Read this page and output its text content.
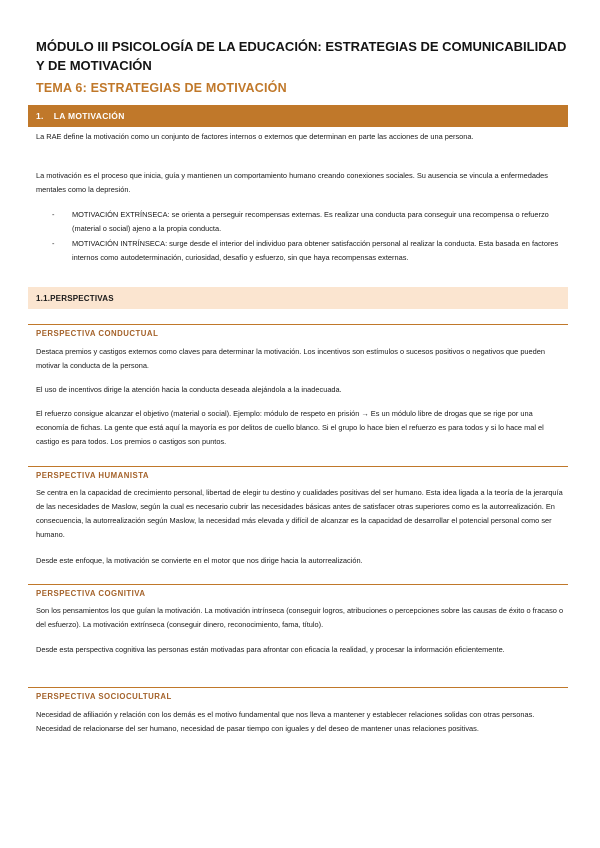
MÓDULO III PSICOLOGÍA DE LA EDUCACIÓN: ESTRATEGIAS DE COMUNICABILIDAD Y DE MOTIVACIÓN
TEMA 6: ESTRATEGIAS DE MOTIVACIÓN
1. LA MOTIVACIÓN
La RAE define la motivación como un conjunto de factores internos o externos que determinan en parte las acciones de una persona.
La motivación es el proceso que inicia, guía y mantienen un comportamiento humano creando conexiones sociales. Su ausencia se vincula a enfermedades mentales como la depresión.
- MOTIVACIÓN EXTRÍNSECA: se orienta a perseguir recompensas externas. Es realizar una conducta para conseguir una recompensa o refuerzo (material o social) ajeno a la propia conducta.
- MOTIVACIÓN INTRÍNSECA: surge desde el interior del individuo para obtener satisfacción personal al realizar la conducta. Esta basada en factores internos como autodeterminación, curiosidad, desafío y esfuerzo, sin que haya recompensas externas.
1.1.PERSPECTIVAS
PERSPECTIVA CONDUCTUAL
Destaca premios y castigos externos como claves para determinar la motivación. Los incentivos son estímulos o sucesos positivos o negativos que pueden motivar la conducta de la persona.
El uso de incentivos dirige la atención hacia la conducta deseada alejándola a la inadecuada.
El refuerzo consigue alcanzar el objetivo (material o social). Ejemplo: módulo de respeto en prisión → Es un módulo libre de drogas que se rige por una economía de fichas. La gente que está aquí la mayoría es por delitos de cuello blanco. Si el grupo lo hace bien el refuerzo es para todos y si lo hace mal el castigo es para todos. Los premios o castigos son puntos.
PERSPECTIVA HUMANISTA
Se centra en la capacidad de crecimiento personal, libertad de elegir tu destino y cualidades positivas del ser humano. Esta idea ligada a la teoría de la jerarquía de las necesidades de Maslow, según la cual es necesario cubrir las necesidades básicas antes de satisfacer otras superiores como es la autorrealización. En consecuencia, la autorrealización según Maslow, la necesidad más elevada y difícil de alcanzar es la capacidad de desarrollar el potencial personal como ser humano.
Desde este enfoque, la motivación se convierte en el motor que nos dirige hacia la autorrealización.
PERSPECTIVA COGNITIVA
Son los pensamientos los que guían la motivación. La motivación intrínseca (conseguir logros, atribuciones o percepciones sobre las causas de éxito o fracaso o del esfuerzo). La motivación extrínseca (conseguir dinero, reconocimiento, fama, título).
Desde esta perspectiva cognitiva las personas están motivadas para afrontar con eficacia la realidad, y procesar la información eficientemente.
PERSPECTIVA SOCIOCULTURAL
Necesidad de afiliación y relación con los demás es el motivo fundamental que nos lleva a mantener y establecer relaciones solidas con otras personas. Necesidad de relacionarse del ser humano, necesidad de pasar tiempo con iguales y del deseo de mantener unas relaciones positivas.
